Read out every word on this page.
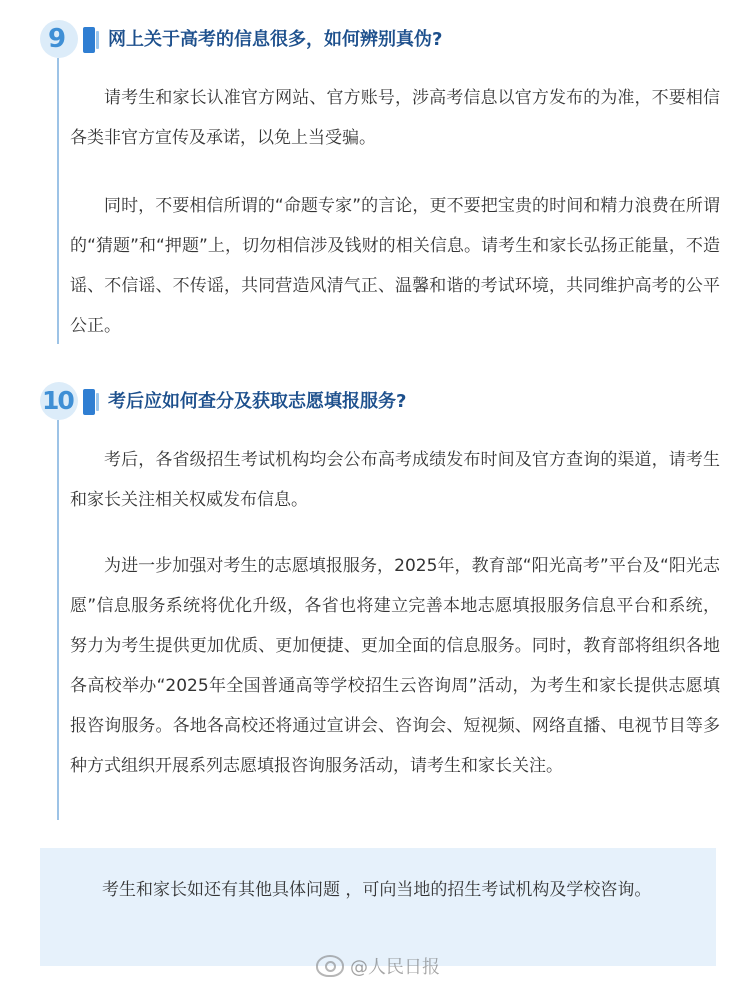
9	网上关于高考的信息很多，如何辨别真伪?
请考生和家长认准官方网站、官方账号，涉高考信息以官方发布的为准，不要相信各类非官方宣传及承诺，以免上当受骗。
同时，不要相信所谓的“命题专家”的言论，更不要把宝贵的时间和精力浪费在所谓的“猜题”和“押题”上，切勿相信涉及钱财的相关信息。请考生和家长弘扬正能量，不造谣、不信谣、不传谣，共同营造风清气正、温馨和谐的考试环境，共同维护高考的公平公正。
10 考后应如何查分及获取志愿填报服务?
考后，各省级招生考试机构均会公布高考成绩发布时间及官方查询的渠道，请考生和家长关注相关权威发布信息。
为进一步加强对考生的志愿填报服务，2025年，教育部“阳光高考”平台及“阳光志愿”信息服务系统将优化升级，各省也将建立完善本地志愿填报服务信息平台和系统，努力为考生提供更加优质、更加便捷、更加全面的信息服务。同时，教育部将组织各地各高校举办“2025年全国普通高等学校招生云咨询周”活动，为考生和家长提供志愿填报咨询服务。各地各高校还将通过宣讲会、咨询会、短视频、网络直播、电视节目等多种方式组织开展系列志愿填报咨询服务活动，请考生和家长关注。
考生和家长如还有其他具体问题 ，可向当地的招生考试机构及学校咨询。
@人民日报
